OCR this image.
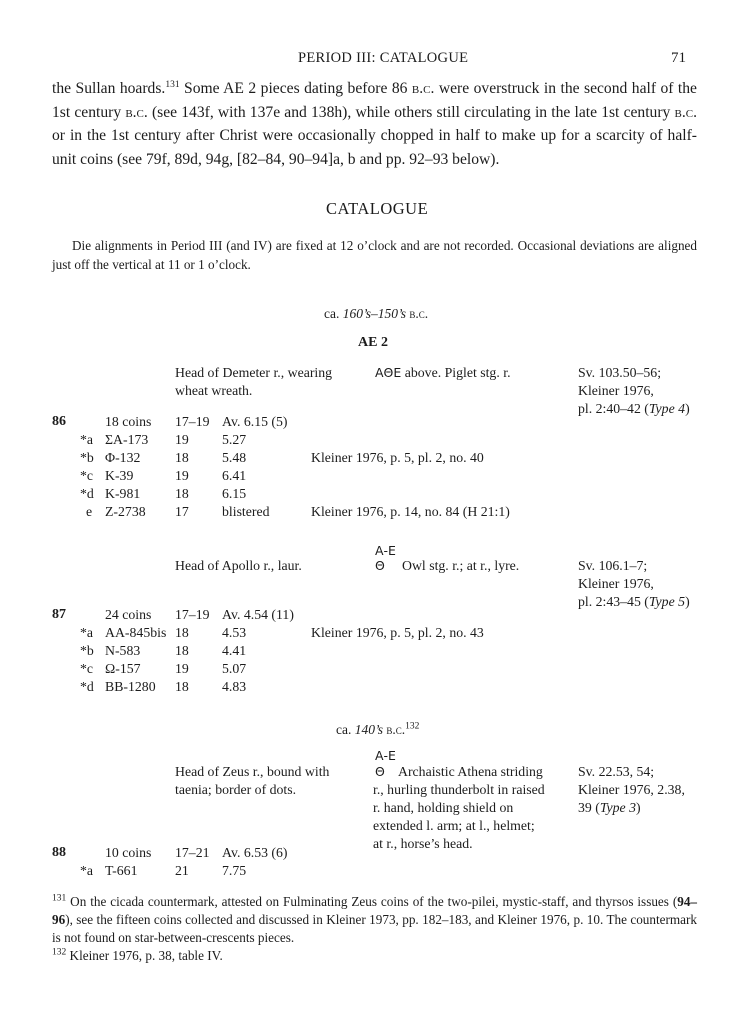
PERIOD III: CATALOGUE	71

the Sullan hoards.$^{131}$ Some AE 2 pieces dating before 86 b.c. were overstruck in the second half of the 1st century b.c. (see 143f, with 137e and 138h), while others still circulating in the late 1st century b.c. or in the 1st century after Christ were occasionally chopped in half to make up for a scarcity of half-unit coins (see 79f, 89d, 94g, [82–84, 90–94]a, b and pp. 92–93 below).

CATALOGUE

Die alignments in Period III (and IV) are fixed at 12 o’clock and are not recorded. Occasional deviations are aligned just off the vertical at 11 or 1 o’clock.

ca. 160’s–150’s b.c.
AE 2
Head of Demeter r., wearing
wheat wreath.
ΑΘΕ above. Piglet stg. r.	Sv. 103.50–56;
Kleiner 1976,
pl. 2:40–42 (Type 4)
86	18 coins 17–19 Av. 6.15 (5)
*a ΣΑ-173 19 5.27
*b Φ-132	18 5.48	Kleiner 1976, p. 5, pl. 2, no. 40
*c Κ-39	19 6.41
*d Κ-981	18 6.15
e Ζ-2738 17 blistered	Kleiner 1976, p. 14, no. 84 (H 21:1)
Α-Ε
Head of Apollo r., laur.	Θ Owl stg. r.; at r., lyre.	Sv. 106.1–7;
Kleiner 1976,
pl. 2:43–45 (Type 5)
87	24 coins 17–19 Av. 4.54 (11)
*a ΑΑ-845bis 18 4.53	Kleiner 1976, p. 5, pl. 2, no. 43
*b Ν-583	18 4.41
*c Ω-157 19 5.07
*d ΒΒ-1280 18 4.83
ca. 140’s b.c.$^{132}$
Α-Ε
Head of Zeus r., bound with
taenia; border of dots.
Θ Archaistic Athena striding
r., hurling thunderbolt in raised
r. hand, holding shield on
extended l. arm; at l., helmet;
at r., horse’s head.
Sv. 22.53, 54;
Kleiner 1976, 2.38,
39 (Type 3)
88	10 coins 17–21 Av. 6.53 (6)
*a Τ-661	21 7.75

$^{131}$ On the cicada countermark, attested on Fulminating Zeus coins of the two-pilei, mystic-staff, and thyrsos issues (94–96), see the fifteen coins collected and discussed in Kleiner 1973, pp. 182–183, and Kleiner 1976, p. 10. The countermark is not found on star-between-crescents pieces.

$^{132}$ Kleiner 1976, p. 38, table IV.
